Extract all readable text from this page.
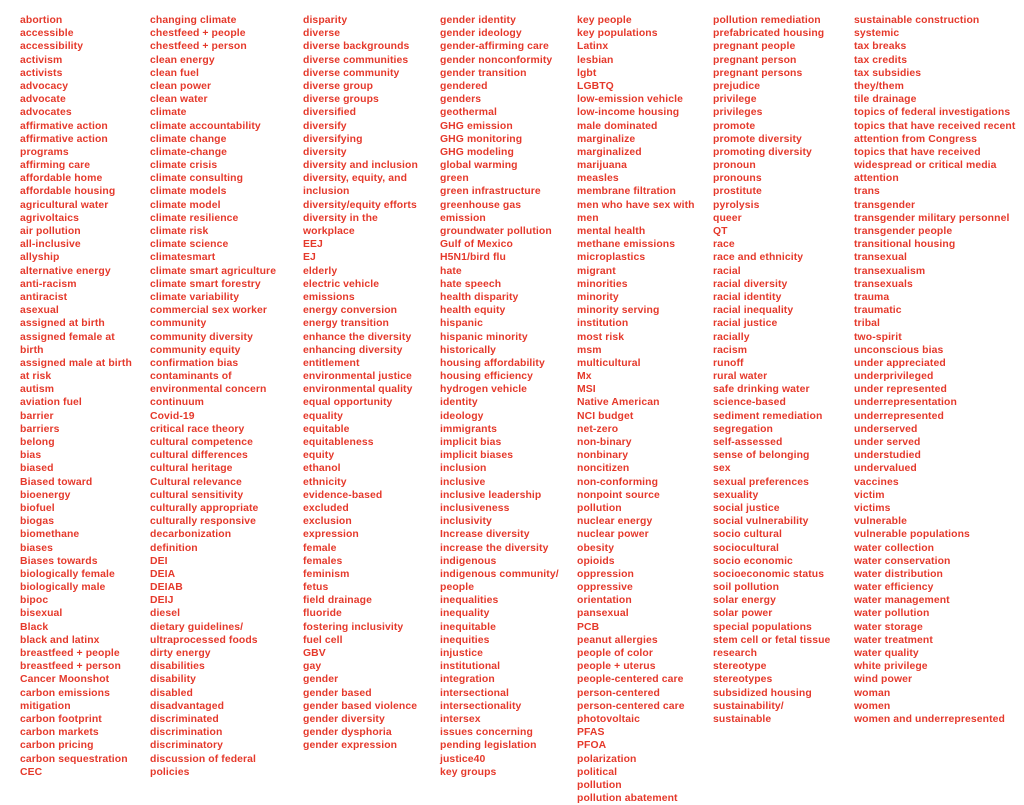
abortion
accessible
accessibility
activism
activists
advocacy
advocate
advocates
affirmative action
affirmative action programs
affirming care
affordable home
affordable housing
agricultural water
agrivoltaics
air pollution
all-inclusive
allyship
alternative energy
anti-racism
antiracist
asexual
assigned at birth
assigned female at birth
assigned male at birth
at risk
autism
aviation fuel
barrier
barriers
belong
bias
biased
Biased toward
bioenergy
biofuel
biogas
biomethane
biases
Biases towards
biologically female
biologically male
bipoc
bisexual
Black
black and latinx
breastfeed + people
breastfeed + person
Cancer Moonshot
carbon emissions mitigation
carbon footprint
carbon markets
carbon pricing
carbon sequestration
CEC
changing climate
chestfeed + people
chestfeed + person
clean energy
clean fuel
clean power
clean water
climate
climate accountability
climate change
climate-change
climate crisis
climate consulting
climate models
climate model
climate resilience
climate risk
climate science
climatesmart
climate smart agriculture
climate smart forestry
climate variability
commercial sex worker
community
community diversity
community equity
confirmation bias
contaminants of environmental concern
continuum
Covid-19
critical race theory
cultural competence
cultural differences
cultural heritage
Cultural relevance
cultural sensitivity
culturally appropriate
culturally responsive
decarbonization
definition
DEI
DEIA
DEIAB
DEIJ
diesel
dietary guidelines/ ultraprocessed foods
dirty energy
disabilities
disability
disabled
disadvantaged
discriminated
discrimination
discriminatory
discussion of federal policies
disparity
diverse
diverse backgrounds
diverse communities
diverse community
diverse group
diverse groups
diversified
diversify
diversifying
diversity
diversity and inclusion
diversity, equity, and inclusion
diversity/equity efforts
diversity in the workplace
EEJ
EJ
elderly
electric vehicle
emissions
energy conversion
energy transition
enhance the diversity
enhancing diversity
entitlement
environmental justice
environmental quality
equal opportunity
equality
equitable
equitableness
equity
ethanol
ethnicity
evidence-based
excluded
exclusion
expression
female
females
feminism
fetus
field drainage
fluoride
fostering inclusivity
fuel cell
GBV
gay
gender
gender based
gender based violence
gender diversity
gender dysphoria
gender expression
gender identity
gender ideology
gender-affirming care
gender nonconformity
gender transition
gendered
genders
geothermal
GHG emission
GHG monitoring
GHG modeling
global warming
green
green infrastructure
greenhouse gas emission
groundwater pollution
Gulf of Mexico
H5N1/bird flu
hate
hate speech
health disparity
health equity
hispanic
hispanic minority
historically
housing affordability
housing efficiency
hydrogen vehicle
identity
ideology
immigrants
implicit bias
implicit biases
inclusion
inclusive
inclusive leadership
inclusiveness
inclusivity
Increase diversity
increase the diversity
indigenous
indigenous community/ people
inequalities
inequality
inequitable
inequities
injustice
institutional
integration
intersectional
intersectionality
intersex
issues concerning pending legislation
justice40
key groups
key people
key populations
Latinx
lesbian
lgbt
LGBTQ
low-emission vehicle
low-income housing
male dominated
marginalize
marginalized
marijuana
measles
membrane filtration
men who have sex with men
mental health
methane emissions
microplastics
migrant
minorities
minority
minority serving institution
most risk
msm
multicultural
Mx
MSI
Native American
NCI budget
net-zero
non-binary
nonbinary
noncitizen
non-conforming
nonpoint source pollution
nuclear energy
nuclear power
obesity
opioids
oppression
oppressive
orientation
pansexual
PCB
peanut allergies
people of color
people + uterus
people-centered care
person-centered
person-centered care
photovoltaic
PFAS
PFOA
polarization
political
pollution
pollution abatement
pollution remediation
prefabricated housing
pregnant people
pregnant person
pregnant persons
prejudice
privilege
privileges
promote
promote diversity
promoting diversity
pronoun
pronouns
prostitute
pyrolysis
queer
QT
race
race and ethnicity
racial
racial diversity
racial identity
racial inequality
racial justice
racially
racism
runoff
rural water
safe drinking water
science-based
sediment remediation
segregation
self-assessed
sense of belonging
sex
sexual preferences
sexuality
social justice
social vulnerability
socio cultural
sociocultural
socio economic
socioeconomic status
soil pollution
solar energy
solar power
special populations
stem cell or fetal tissue research
stereotype
stereotypes
subsidized housing
sustainability/ sustainable
sustainable construction
systemic
tax breaks
tax credits
tax subsidies
they/them
tile drainage
topics of federal investigations
topics that have received recent attention from Congress
topics that have received widespread or critical media attention
trans
transgender
transgender military personnel
transgender people
transitional housing
transexual
transexualism
transexuals
trauma
traumatic
tribal
two-spirit
unconscious bias
under appreciated
underprivileged
under represented
underrepresentation
underrepresented
underserved
under served
understudied
undervalued
vaccines
victim
victims
vulnerable
vulnerable populations
water collection
water conservation
water distribution
water efficiency
water management
water pollution
water storage
water treatment
water quality
white privilege
wind power
woman
women
women and underrepresented
